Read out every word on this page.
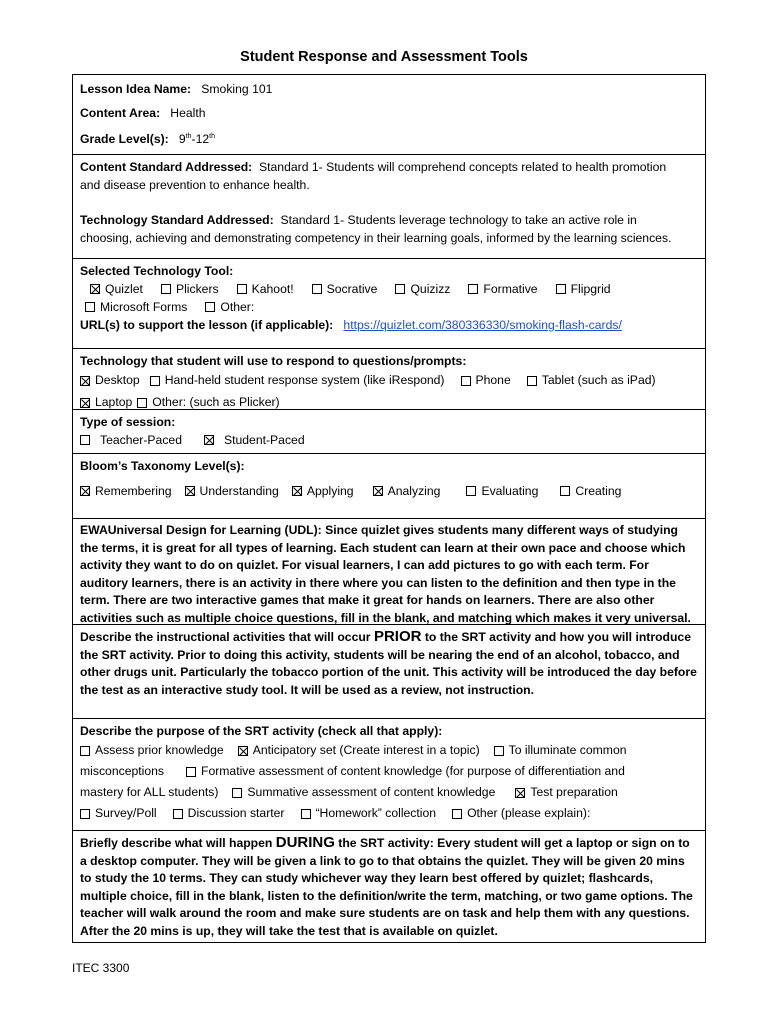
Student Response and Assessment Tools
Lesson Idea Name: Smoking 101
Content Area: Health
Grade Level(s): 9th-12th
Content Standard Addressed: Standard 1- Students will comprehend concepts related to health promotion
and disease prevention to enhance health.
Technology Standard Addressed: Standard 1- Students leverage technology to take an active role in
choosing, achieving and demonstrating competency in their learning goals, informed by the learning sciences.
Selected Technology Tool:
Quizlet	Plickers	Kahoot!	Socrative	Quizizz	Formative	Flipgrid
Microsoft Forms	Other:
URL(s) to support the lesson (if applicable): https://quizlet.com/380336330/smoking-flash-cards/
Technology that student will use to respond to questions/prompts:
Desktop Hand-held student response system (like iRespond)	Phone	Tablet (such as iPad)
Laptop Other: (such as Plicker)
Type of session:
Teacher-Paced	Student-Paced
Bloom’s Taxonomy Level(s):
Remembering Understanding Applying	Analyzing	Evaluating	Creating
EWAUniversal Design for Learning (UDL): Since quizlet gives students many different ways of studying the terms, it is great for all types of learning. Each student can learn at their own pace and choose which activity they want to do on quizlet. For visual learners, I can add pictures to go with each term. For auditory learners, there is an activity in there where you can listen to the definition and then type in the term. There are two interactive games that make it great for hands on learners. There are also other activities such as multiple choice questions, fill in the blank, and matching which makes it very universal.
Describe the instructional activities that will occur PRIOR to the SRT activity and how you will introduce the SRT activity. Prior to doing this activity, students will be nearing the end of an alcohol, tobacco, and other drugs unit. Particularly the tobacco portion of the unit. This activity will be introduced the day before the test as an interactive study tool. It will be used as a review, not instruction.
Describe the purpose of the SRT activity (check all that apply):
Assess prior knowledge Anticipatory set (Create interest in a topic) To illuminate common
misconceptions	Formative assessment of content knowledge (for purpose of differentiation and
mastery for ALL students) Summative assessment of content knowledge	Test preparation
Survey/Poll	Discussion starter	“Homework” collection	Other (please explain):
Briefly describe what will happen DURING the SRT activity: Every student will get a laptop or sign on to a desktop computer. They will be given a link to go to that obtains the quizlet. They will be given 20 mins to study the 10 terms. They can study whichever way they learn best offered by quizlet; flashcards, multiple choice, fill in the blank, listen to the definition/write the term, matching, or two game options. The teacher will walk around the room and make sure students are on task and help them with any questions. After the 20 mins is up, they will take the test that is available on quizlet.
ITEC 3300
